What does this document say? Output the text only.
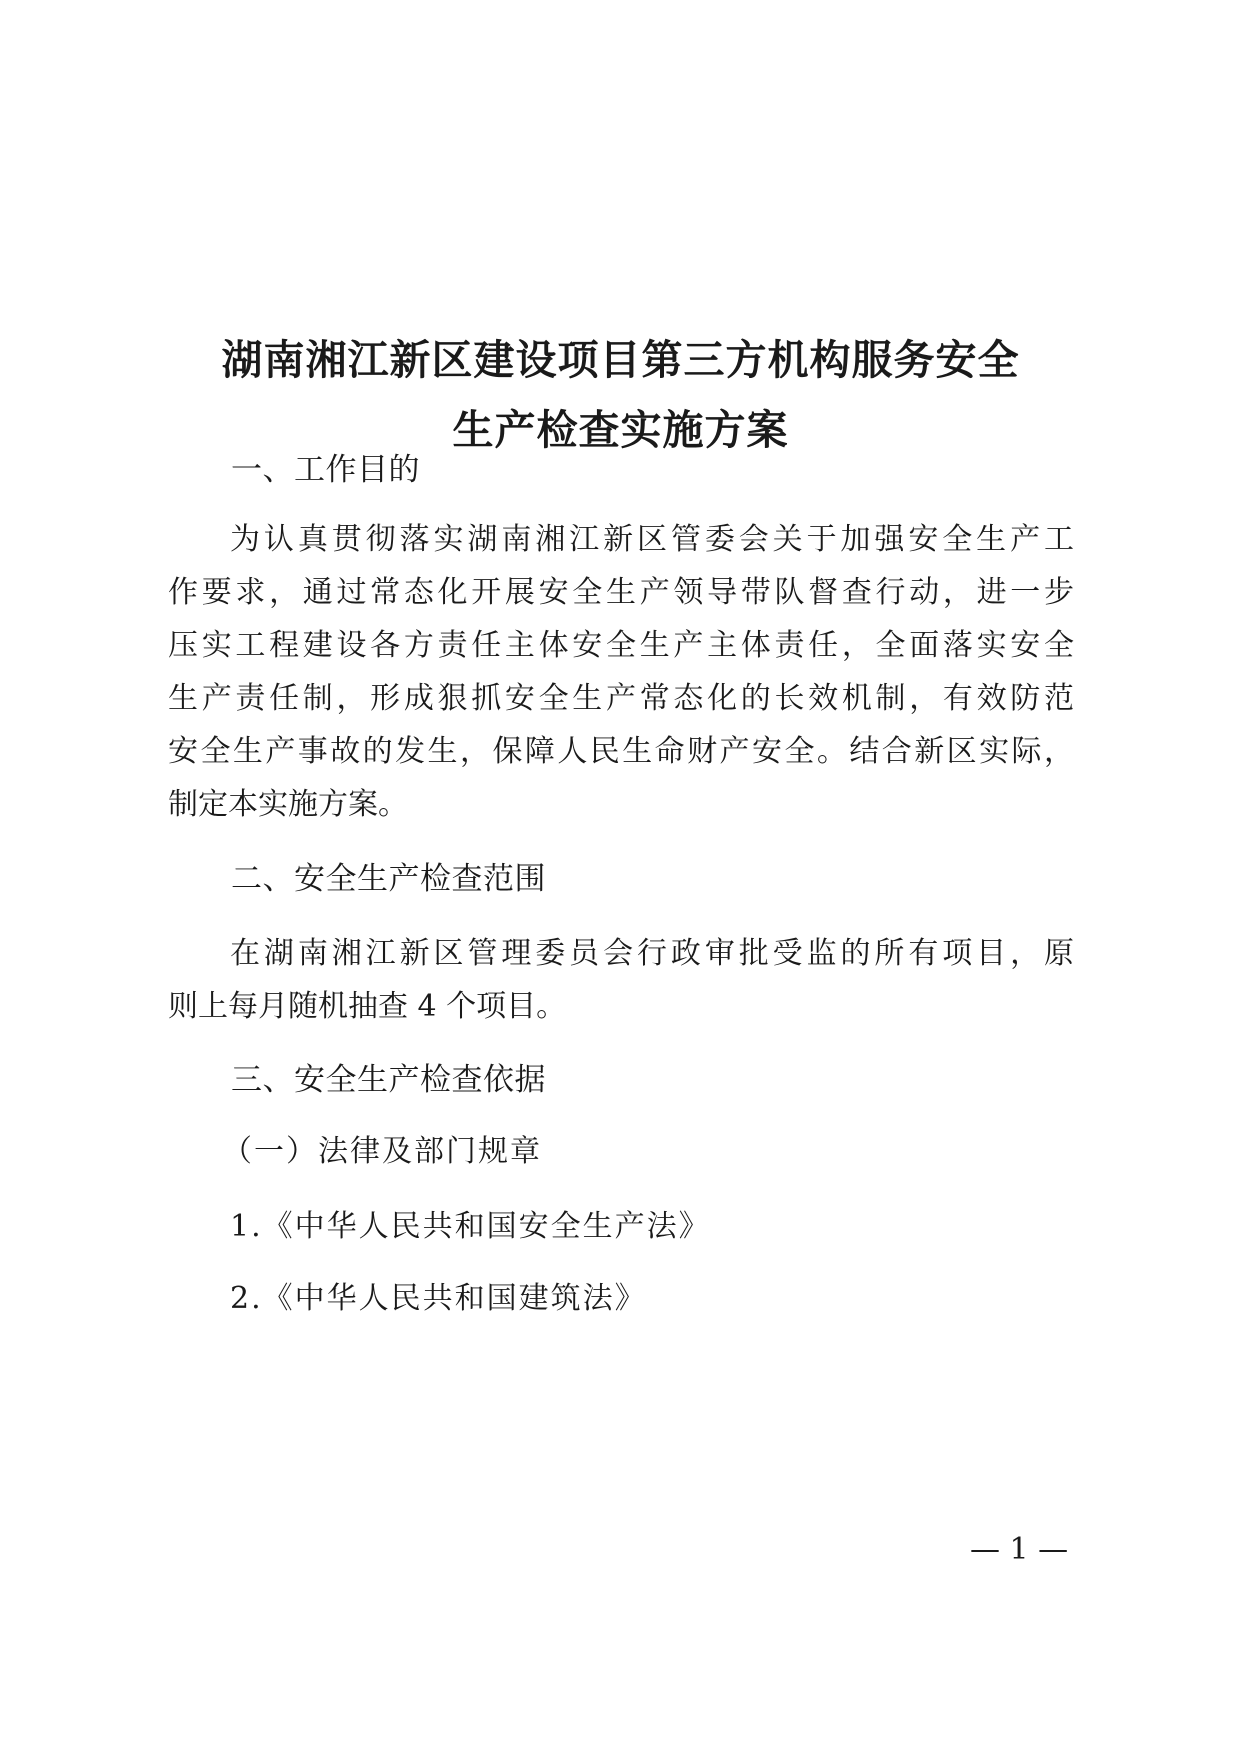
湖南湘江新区建设项目第三方机构服务安全
生产检查实施方案
一、工作目的
为认真贯彻落实湖南湘江新区管委会关于加强安全生产工
作要求，通过常态化开展安全生产领导带队督查行动，进一步
压实工程建设各方责任主体安全生产主体责任，全面落实安全
生产责任制，形成狠抓安全生产常态化的长效机制，有效防范
安全生产事故的发生，保障人民生命财产安全。结合新区实际，
制定本实施方案。
二、安全生产检查范围
在湖南湘江新区管理委员会行政审批受监的所有项目，原
则上每月随机抽查 4 个项目。
三、安全生产检查依据
（一）法律及部门规章
1.《中华人民共和国安全生产法》
2.《中华人民共和国建筑法》
— 1 —
